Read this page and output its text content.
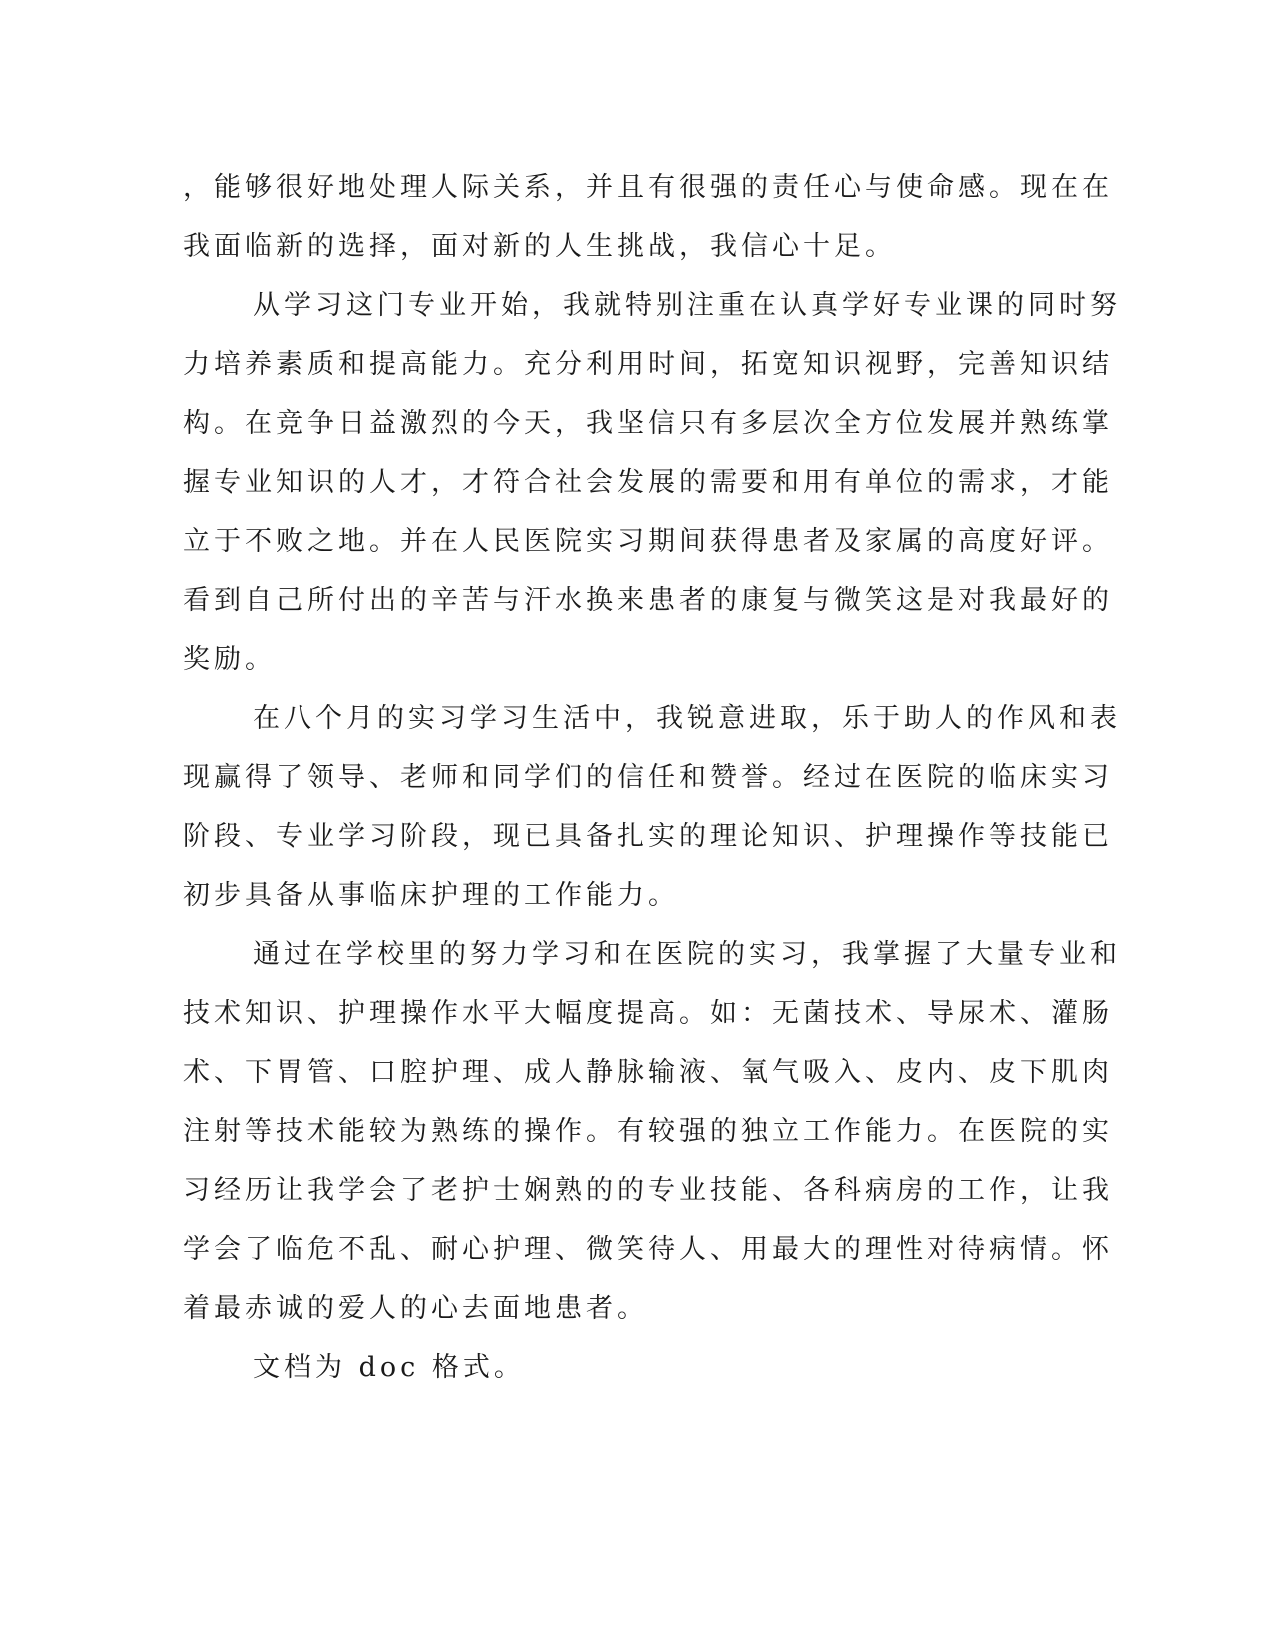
，能够很好地处理人际关系，并且有很强的责任心与使命感。现在在
我面临新的选择，面对新的人生挑战，我信心十足。
从学习这门专业开始，我就特别注重在认真学好专业课的同时努
力培养素质和提高能力。充分利用时间，拓宽知识视野，完善知识结
构。在竞争日益激烈的今天，我坚信只有多层次全方位发展并熟练掌
握专业知识的人才，才符合社会发展的需要和用有单位的需求，才能
立于不败之地。并在人民医院实习期间获得患者及家属的高度好评。
看到自己所付出的辛苦与汗水换来患者的康复与微笑这是对我最好的
奖励。
在八个月的实习学习生活中，我锐意进取，乐于助人的作风和表
现赢得了领导、老师和同学们的信任和赞誉。经过在医院的临床实习
阶段、专业学习阶段，现已具备扎实的理论知识、护理操作等技能已
初步具备从事临床护理的工作能力。
通过在学校里的努力学习和在医院的实习，我掌握了大量专业和
技术知识、护理操作水平大幅度提高。如：无菌技术、导尿术、灌肠
术、下胃管、口腔护理、成人静脉输液、氧气吸入、皮内、皮下肌肉
注射等技术能较为熟练的操作。有较强的独立工作能力。在医院的实
习经历让我学会了老护士娴熟的的专业技能、各科病房的工作，让我
学会了临危不乱、耐心护理、微笑待人、用最大的理性对待病情。怀
着最赤诚的爱人的心去面地患者。
文档为 doc 格式。
